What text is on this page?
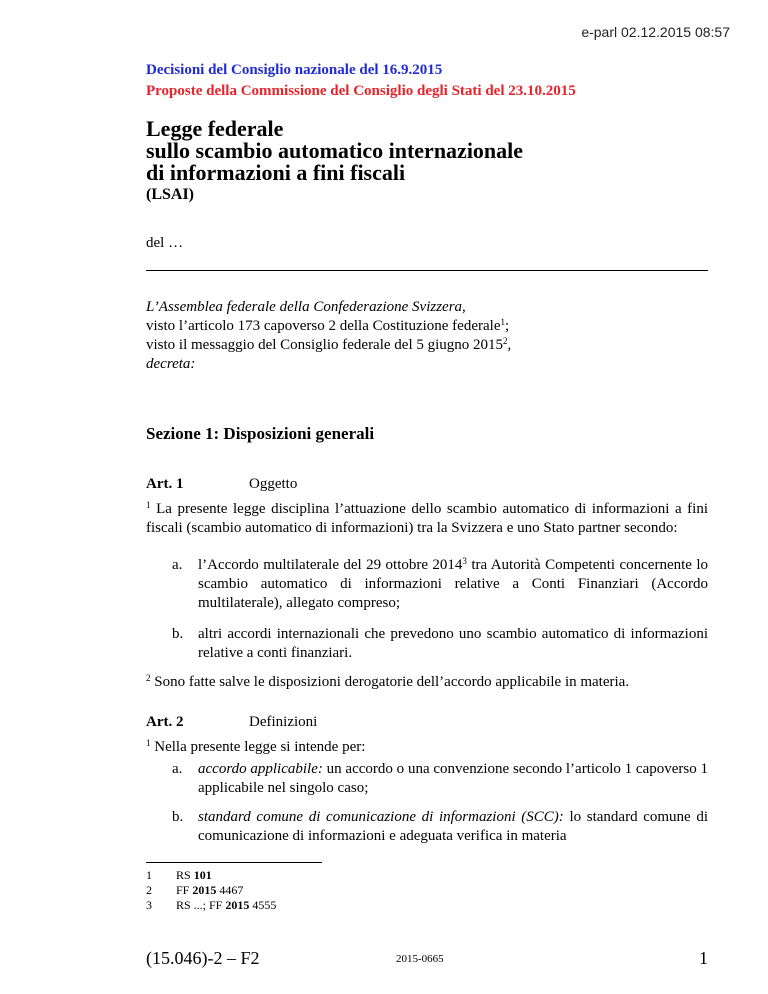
e-parl 02.12.2015 08:57
Decisioni del Consiglio nazionale del 16.9.2015
Proposte della Commissione del Consiglio degli Stati del 23.10.2015
Legge federale
sullo scambio automatico internazionale
di informazioni a fini fiscali
(LSAI)
del …
L’Assemblea federale della Confederazione Svizzera,
visto l’articolo 173 capoverso 2 della Costituzione federale$^1$;
visto il messaggio del Consiglio federale del 5 giugno 2015$^2$,
decreta:
Sezione 1: Disposizioni generali
Art. 1	Oggetto
$^1$ La presente legge disciplina l’attuazione dello scambio automatico di informazioni a fini fiscali (scambio automatico di informazioni) tra la Svizzera e uno Stato partner secondo:
a. l’Accordo multilaterale del 29 ottobre 2014$^3$ tra Autorità Competenti concernente lo scambio automatico di informazioni relative a Conti Finanziari (Accordo multilaterale), allegato compreso;
b. altri accordi internazionali che prevedono uno scambio automatico di informazioni relative a conti finanziari.
$^2$ Sono fatte salve le disposizioni derogatorie dell’accordo applicabile in materia.
Art. 2	Definizioni
$^1$ Nella presente legge si intende per:
a. accordo applicabile: un accordo o una convenzione secondo l’articolo 1 capoverso 1 applicabile nel singolo caso;
b. standard comune di comunicazione di informazioni (SCC): lo standard comune di comunicazione di informazioni e adeguata verifica in materia
1 RS 101
2 FF 2015 4467
3 RS ...; FF 2015 4555
(15.046)-2 – F2	2015-0665	1
